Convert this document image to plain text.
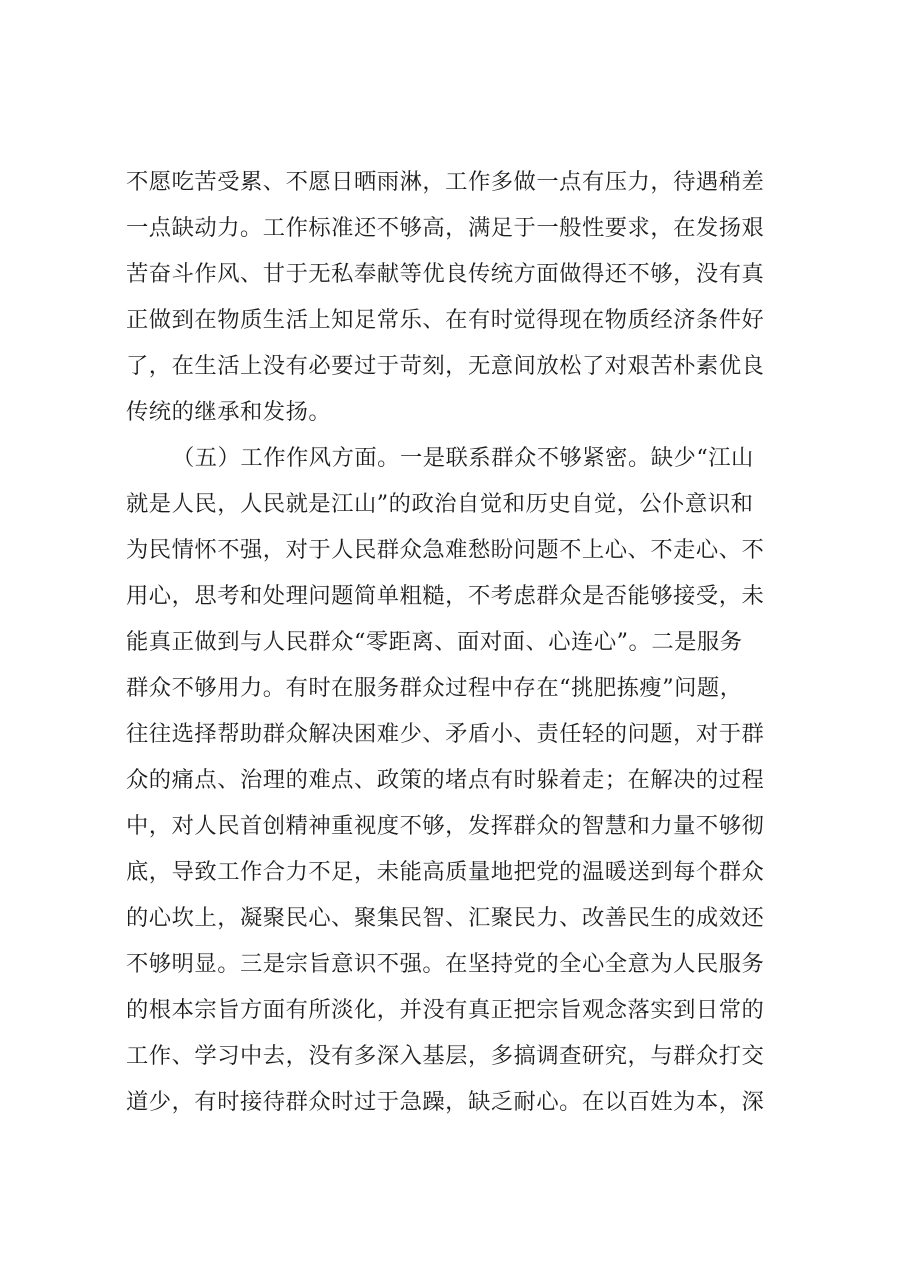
不愿吃苦受累、不愿日晒雨淋，工作多做一点有压力，待遇稍差
一点缺动力。工作标准还不够高，满足于一般性要求，在发扬艰
苦奋斗作风、甘于无私奉献等优良传统方面做得还不够，没有真
正做到在物质生活上知足常乐、在有时觉得现在物质经济条件好
了，在生活上没有必要过于苛刻，无意间放松了对艰苦朴素优良
传统的继承和发扬。
（五）工作作风方面。一是联系群众不够紧密。缺少“江山
就是人民，人民就是江山”的政治自觉和历史自觉，公仆意识和
为民情怀不强，对于人民群众急难愁盼问题不上心、不走心、不
用心，思考和处理问题简单粗糙，不考虑群众是否能够接受，未
能真正做到与人民群众“零距离、面对面、心连心”。二是服务
群众不够用力。有时在服务群众过程中存在“挑肥拣瘦”问题，
往往选择帮助群众解决困难少、矛盾小、责任轻的问题，对于群
众的痛点、治理的难点、政策的堵点有时躲着走；在解决的过程
中，对人民首创精神重视度不够，发挥群众的智慧和力量不够彻
底，导致工作合力不足，未能高质量地把党的温暖送到每个群众
的心坎上，凝聚民心、聚集民智、汇聚民力、改善民生的成效还
不够明显。三是宗旨意识不强。在坚持党的全心全意为人民服务
的根本宗旨方面有所淡化，并没有真正把宗旨观念落实到日常的
工作、学习中去，没有多深入基层，多搞调查研究，与群众打交
道少，有时接待群众时过于急躁，缺乏耐心。在以百姓为本，深
